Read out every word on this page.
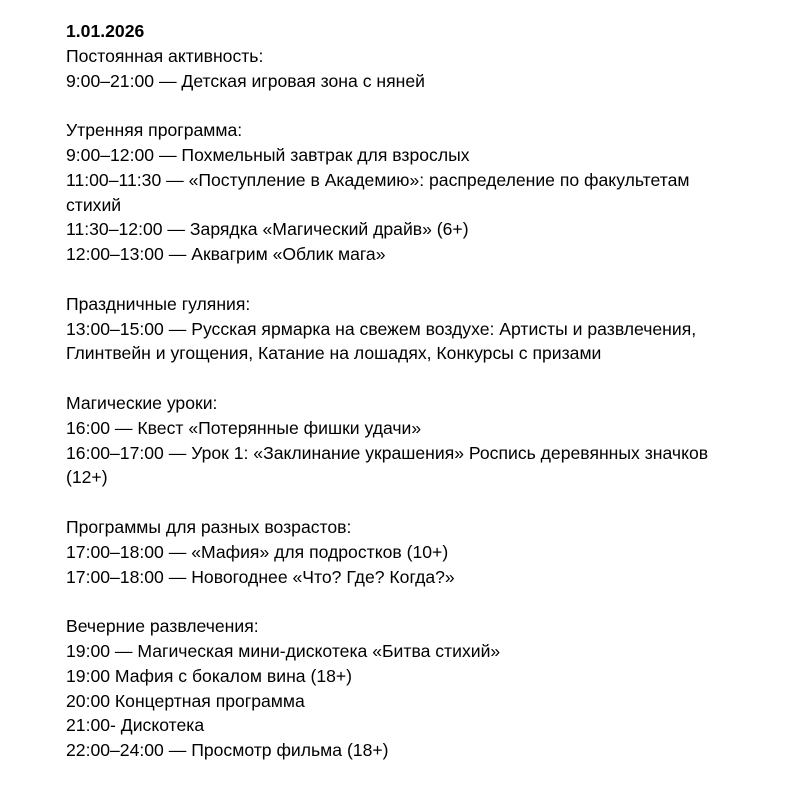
1.01.2026
Постоянная активность:
9:00–21:00 — Детская игровая зона с няней
Утренняя программа:
9:00–12:00 — Похмельный завтрак для взрослых
11:00–11:30 — «Поступление в Академию»: распределение по факультетам стихий
11:30–12:00 — Зарядка «Магический драйв» (6+)
12:00–13:00 — Аквагрим «Облик мага»
Праздничные гуляния:
13:00–15:00 — Русская ярмарка на свежем воздухе: Артисты и развлечения, Глинтвейн и угощения, Катание на лошадях, Конкурсы с призами
Магические уроки:
16:00 — Квест «Потерянные фишки удачи»
16:00–17:00 — Урок 1: «Заклинание украшения» Роспись деревянных значков (12+)
Программы для разных возрастов:
17:00–18:00 — «Мафия» для подростков (10+)
17:00–18:00 — Новогоднее «Что? Где? Когда?»
Вечерние развлечения:
19:00 — Магическая мини-дискотека «Битва стихий»
19:00 Мафия с бокалом вина (18+)
20:00 Концертная программа
21:00- Дискотека
22:00–24:00 — Просмотр фильма (18+)
